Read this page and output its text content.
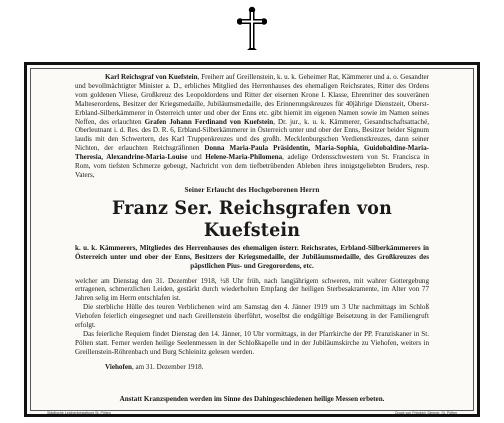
Karl Reichsgraf von Kuefstein, Freiherr auf Greillenstein, k. u. k. Geheimer Rat, Kämmerer und a. o. Gesandter und bevollmächtigter Minister a. D., erbliches Mitglied des Herrenhauses des ehemaligen Reichsrates, Ritter des Ordens vom goldenen Vliese, Großkreuz des Leopoldordens und Ritter der eisernen Krone I. Klasse, Ehrenritter des souveränen Malteserordens, Besitzer der Kriegsmedaille, Jubiläumsmedaille, des Erinnerungskreuzes für 40jährige Dienstzeit, Oberst-Erbland-Silberkämmerer in Österreich unter und ober der Enns etc. gibt hiemit im eigenen Namen sowie im Namen seines Neffen, des erlauchten Grafen Johann Ferdinand von Kuefstein, Dr. jur., k. u. k. Kämmerer, Gesandtschaftsattaché, Oberleutnant i. d. Res. des D. R. 6, Erbland-Silberkämmerer in Österreich unter und ober der Enns, Besitzer beider Signum laudis mit den Schwertern, des Karl Truppenkreuzes und des großh. Mecklenburgschen Verdienstkreuzes, dann seiner Nichten, der erlauchten Reichsgräfinnen Donna Maria-Paula Präsidentin, Maria-Sophia, Guidobaldine-Maria-Theresia, Alexandrine-Maria-Louise und Helene-Maria-Philomena, adelige Ordensschwestern von St. Francisca in Rom, vom tiefsten Schmerze gebeugt, Nachricht von dem tiefbetrübenden Ableben ihres innigstgeliebten Bruders, resp. Vaters,

Seiner Erlaucht des Hochgeborenen Herrn
Franz Ser. Reichsgrafen von Kuefstein
k. u. k. Kämmerers, Mitgliedes des Herrenhauses des ehemaligen österr. Reichsrates, Erbland-Silberkämmerers in Österreich unter und ober der Enns, Besitzers der Kriegsmedaille, der Jubiläumsmedaille, des Großkreuzes des päpstlichen Pius- und Gregorordens, etc.

welcher am Dienstag den 31. Dezember 1918, ½8 Uhr früh, nach langjährigem schweren, mit wahrer Gottergebung ertragenen, schmerzlichen Leiden, gestärkt durch wiederholten Empfang der heiligen Sterbesakramente, im Alter von 77 Jahren selig im Herrn entschlafen ist.

Die sterbliche Hülle des teuren Verblichenen wird am Samstag den 4. Jänner 1919 um 3 Uhr nachmittags im Schloß Viehofen feierlich eingesegnet und nach Greillenstein überführt, woselbst die endgültige Beisetzung in der Familiengruft erfolgt.

Das feierliche Requiem findet Dienstag den 14. Jänner, 10 Uhr vormittags, in der Pfarrkirche der PP. Franziskaner in St. Pölten statt. Ferner werden heilige Seelenmessen in der Schloßkapelle und in der Jubiläumskirche zu Viehofen, weiters in Greillenstein-Röhrenbach und Burg Schleinitz gelesen werden.

Viehofen, am 31. Dezember 1918.
Anstatt Kranzspenden werden im Sinne des Dahingeschiedenen heilige Messen erbeten.
Städtische Leichenbestattung St. Pölten	Druck von Friedrich Simmer, St. Pölten
